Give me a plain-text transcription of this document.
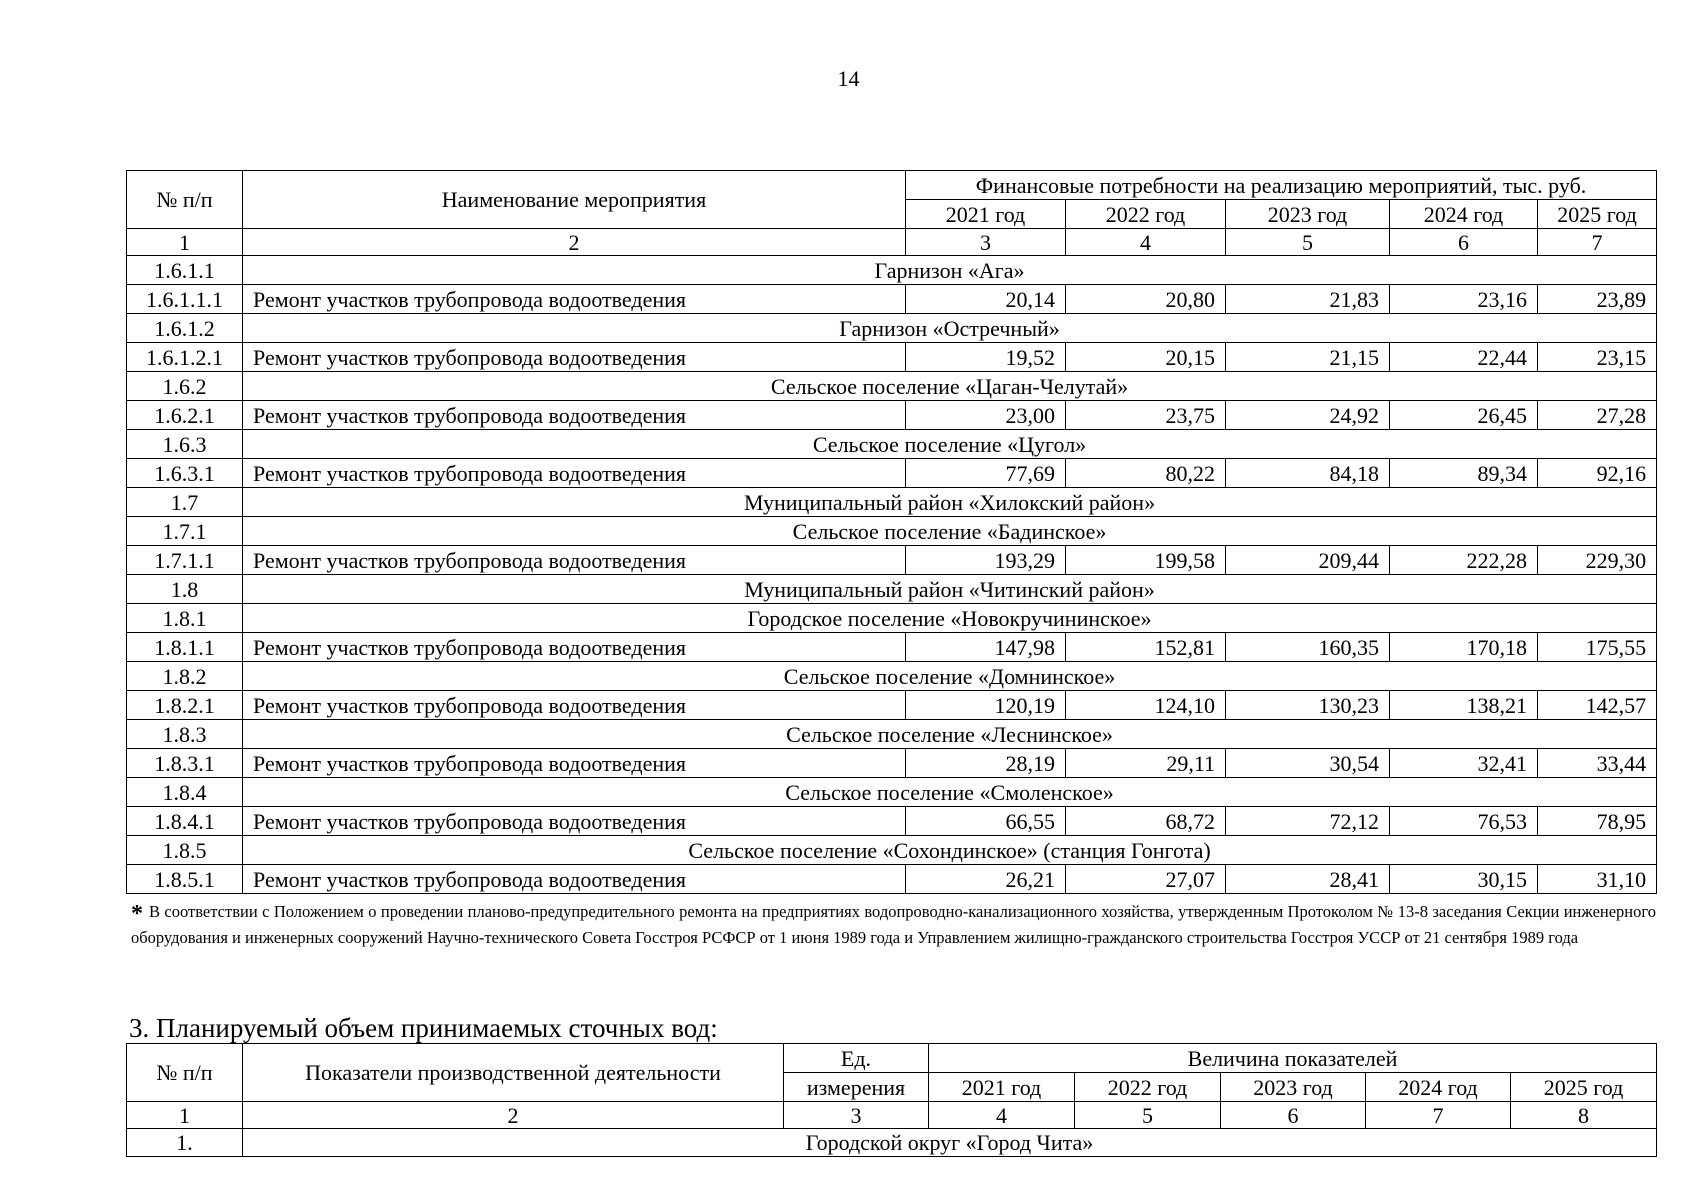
14
№ п/п	Наименование мероприятия	Финансовые потребности на реализацию мероприятий, тыс. руб.				
		2021 год	2022 год	2023 год	2024 год	2025 год
1	2	3	4	5	6	7
1.6.1.1	Гарнизон «Ага»					
1.6.1.1.1	Ремонт участков трубопровода водоотведения	20,14	20,80	21,83	23,16	23,89
1.6.1.2	Гарнизон «Остречный»					
1.6.1.2.1	Ремонт участков трубопровода водоотведения	19,52	20,15	21,15	22,44	23,15
1.6.2	Сельское поселение «Цаган-Челутай»					
1.6.2.1	Ремонт участков трубопровода водоотведения	23,00	23,75	24,92	26,45	27,28
1.6.3	Сельское поселение «Цугол»					
1.6.3.1	Ремонт участков трубопровода водоотведения	77,69	80,22	84,18	89,34	92,16
1.7	Муниципальный район «Хилокский район»					
1.7.1	Сельское поселение «Бадинское»					
1.7.1.1	Ремонт участков трубопровода водоотведения	193,29	199,58	209,44	222,28	229,30
1.8	Муниципальный район «Читинский район»					
1.8.1	Городское поселение «Новокручининское»					
1.8.1.1	Ремонт участков трубопровода водоотведения	147,98	152,81	160,35	170,18	175,55
1.8.2	Сельское поселение «Домнинское»					
1.8.2.1	Ремонт участков трубопровода водоотведения	120,19	124,10	130,23	138,21	142,57
1.8.3	Сельское поселение «Леснинское»					
1.8.3.1	Ремонт участков трубопровода водоотведения	28,19	29,11	30,54	32,41	33,44
1.8.4	Сельское поселение «Смоленское»					
1.8.4.1	Ремонт участков трубопровода водоотведения	66,55	68,72	72,12	76,53	78,95
1.8.5	Сельское поселение «Сохондинское» (станция Гонгота)					
1.8.5.1	Ремонт участков трубопровода водоотведения	26,21	27,07	28,41	30,15	31,10
* В соответствии с Положением о проведении планово-предупредительного ремонта на предприятиях водопроводно-канализационного хозяйства, утвержденным Протоколом № 13-8 заседания Секции инженерного оборудования и инженерных сооружений Научно-технического Совета Госстроя РСФСР от 1 июня 1989 года и Управлением жилищно-гражданского строительства Госстроя УССР от 21 сентября 1989 года
3. Планируемый объем принимаемых сточных вод:
№ п/п	Показатели производственной деятельности	Ед.	Величина показателей				
		измерения	2021 год	2022 год	2023 год	2024 год	2025 год
1	2	3	4	5	6	7	8
1.	Городской округ «Город Чита»						
